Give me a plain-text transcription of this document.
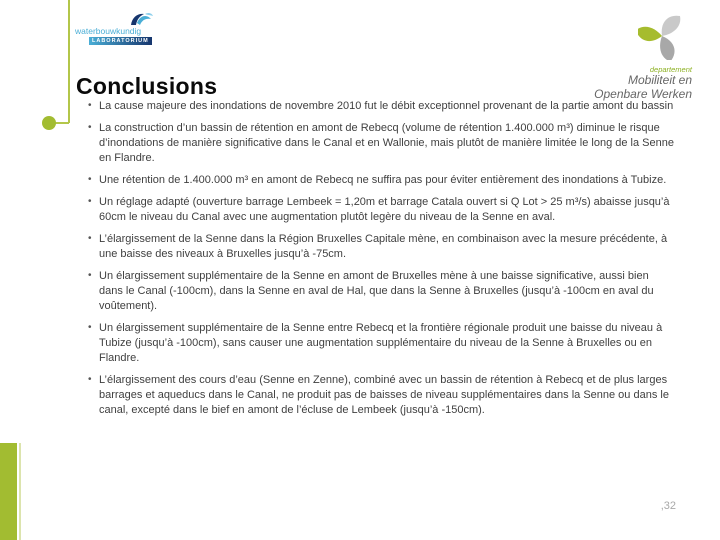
waterbouwkundig
LABORATORIUM
departement
Mobiliteit en
Openbare Werken
Conclusions
• La cause majeure des inondations de novembre 2010 fut le débit exceptionnel provenant de la partie amont du bassin
• La construction d’un bassin de rétention en amont de Rebecq (volume de rétention 1.400.000 m³) diminue le risque d’inondations de manière significative dans le Canal et en Wallonie, mais plutôt de manière limitée le long de la Senne en Flandre.
• Une rétention de 1.400.000 m³ en amont de Rebecq ne suffira pas pour éviter entièrement des inondations à Tubize.
• Un réglage adapté (ouverture barrage Lembeek = 1,20m et barrage Catala ouvert si Q Lot > 25 m³/s) abaisse jusqu’à 60cm le niveau du Canal avec une augmentation plutôt legère du niveau de la Senne en aval.
• L’élargissement de la Senne dans la Région Bruxelles Capitale mène, en combinaison avec la mesure précédente, à une baisse des niveaux à Bruxelles jusqu’à -75cm.
• Un élargissement supplémentaire de la Senne en amont de Bruxelles mène à une baisse significative, aussi bien dans le Canal (-100cm), dans la Senne en aval de Hal, que dans la Senne à Bruxelles (jusqu’à -100cm en aval du voûtement).
• Un élargissement supplémentaire de la Senne entre Rebecq et la frontière régionale produit une baisse du niveau à Tubize (jusqu’à -100cm), sans causer une augmentation supplémentaire du niveau de la Senne à Bruxelles ou en Flandre.
• L’élargissement des cours d’eau (Senne en Zenne), combiné avec un bassin de rétention à Rebecq et de plus larges barrages et aqueducs dans le Canal, ne produit pas de baisses de niveau supplémentaires dans la Senne ou dans le canal, excepté dans le bief en amont de l’écluse de Lembeek (jusqu’à -150cm).
,32
